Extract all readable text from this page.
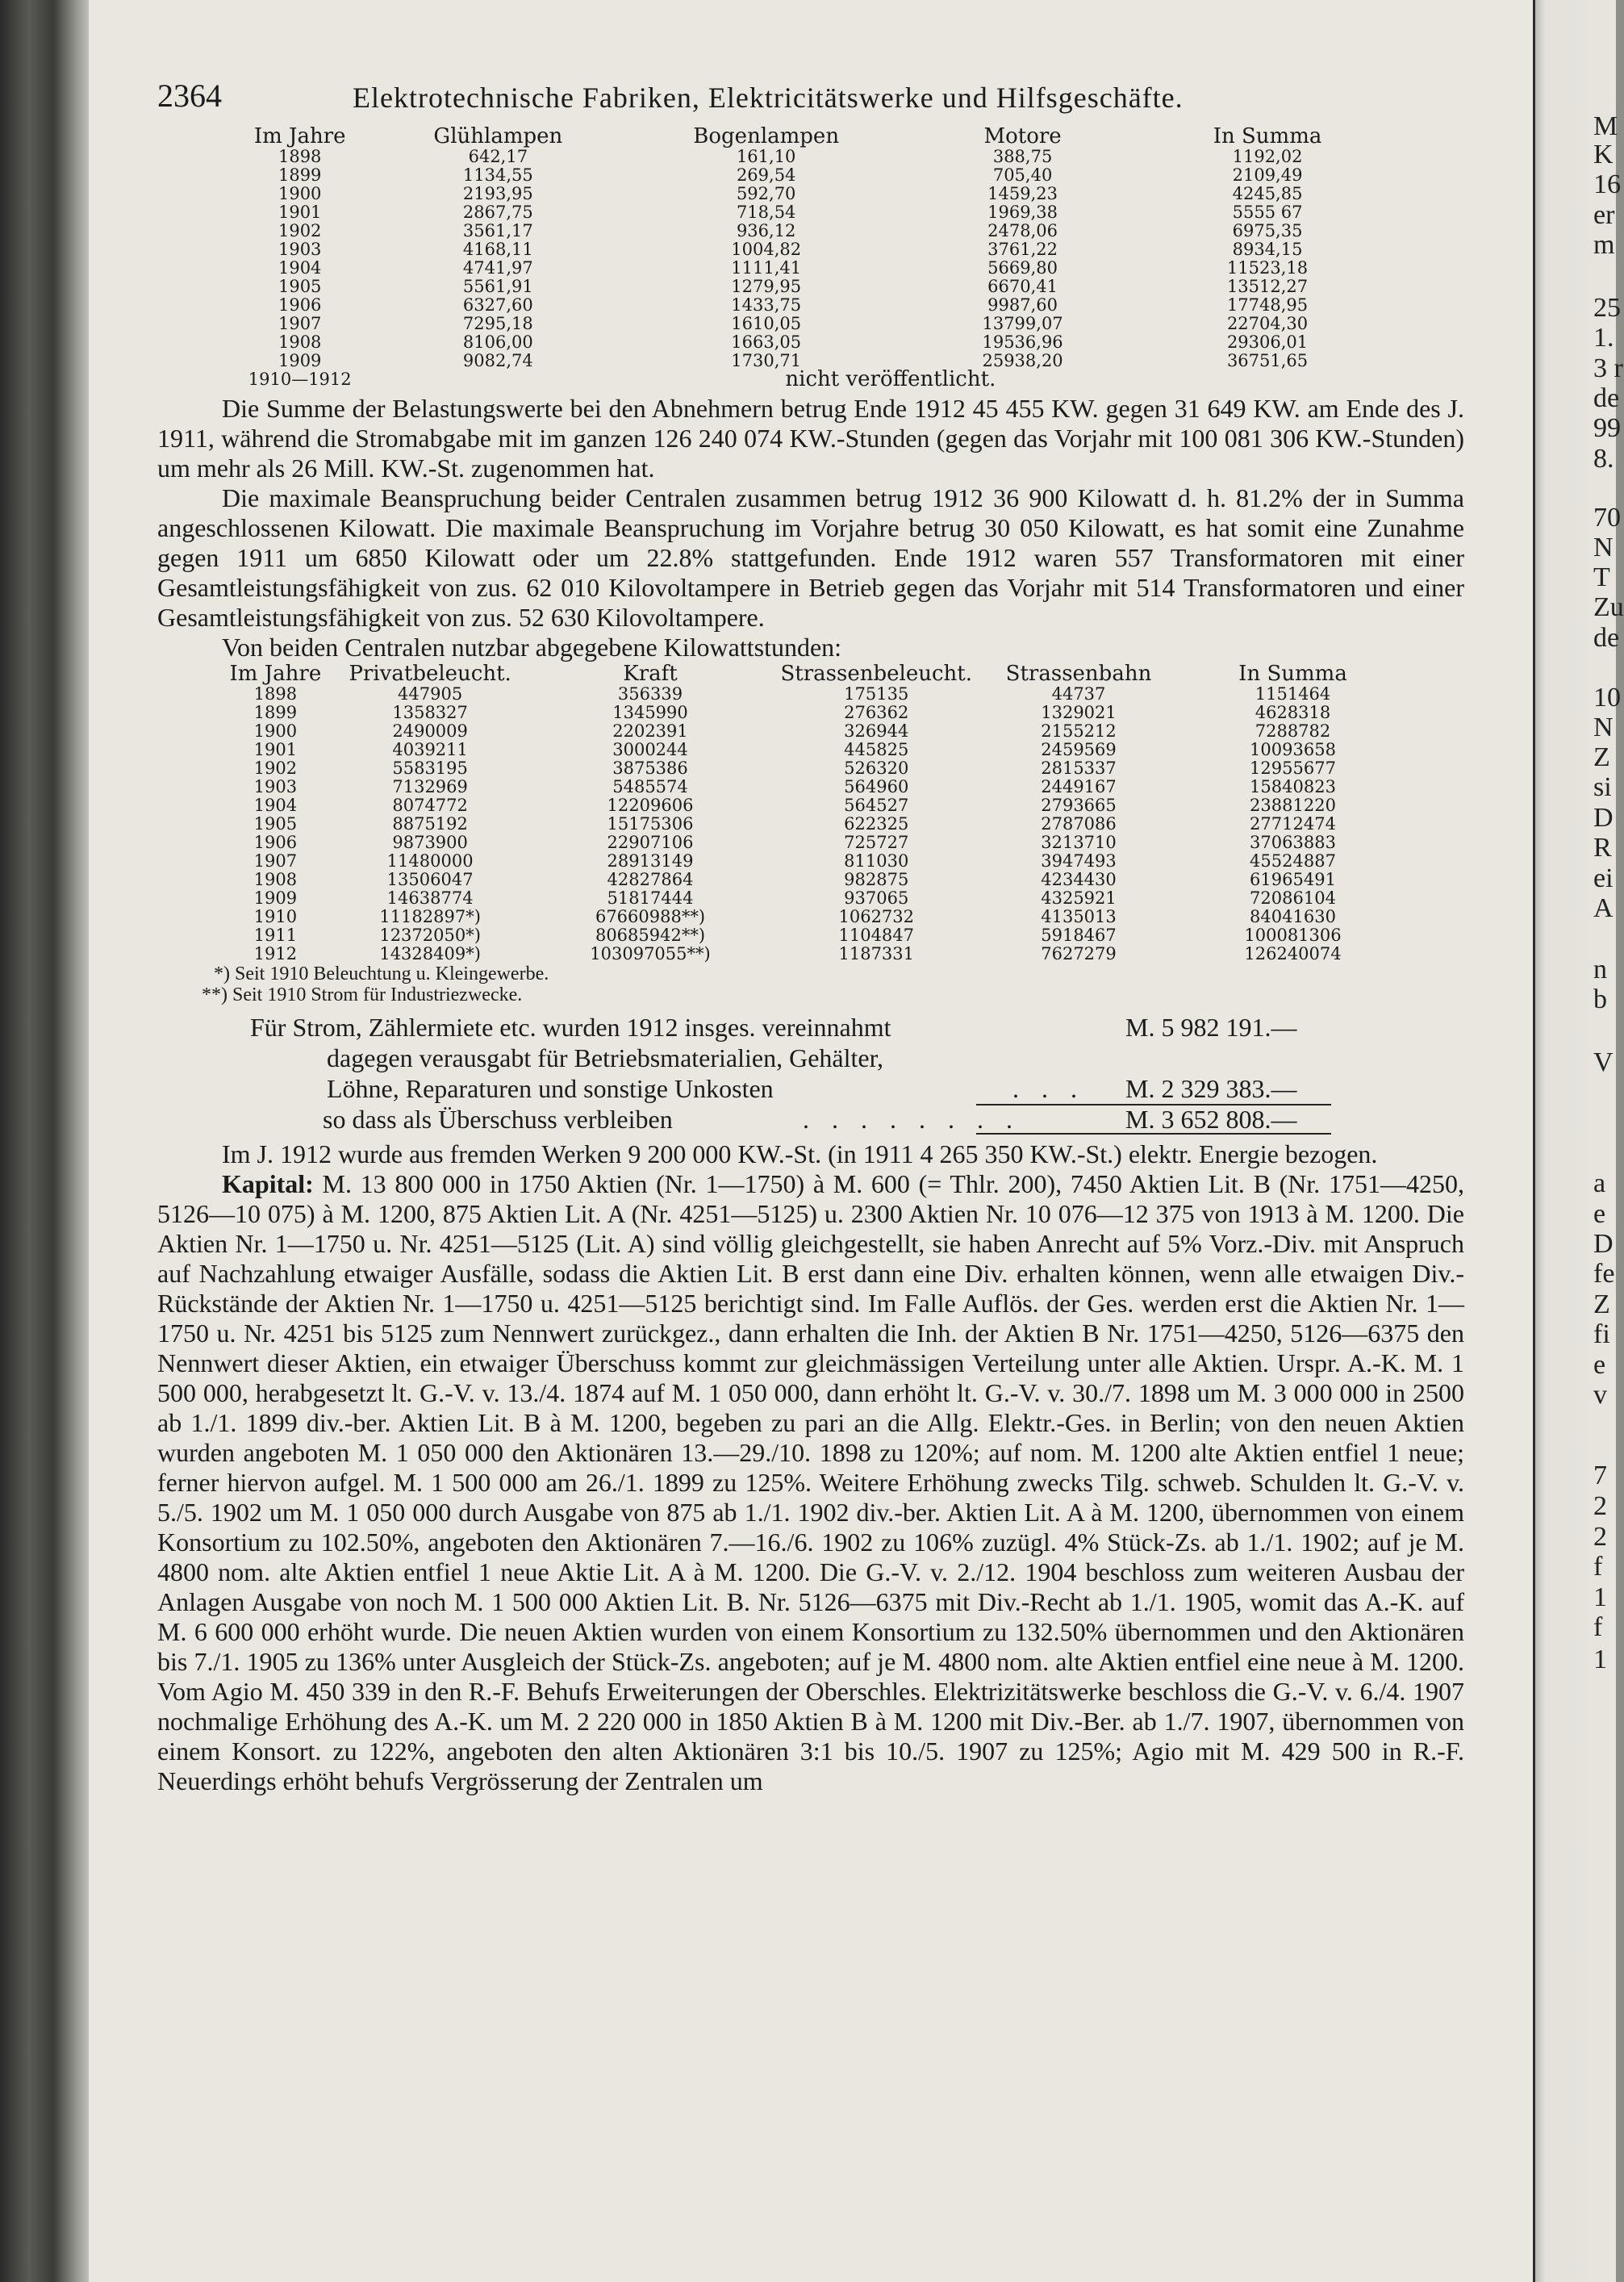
M
K
16
er
m
25
1.
3 r
de
99
8.
70
N
T
Zu
de
10
N
Z
si
D
R
ei
A
n
b
V
a
e
D
fe
Z
fi
e
v
7
2
2
f
1
f
1
2364	Elektrotechnische Fabriken, Elektricitätswerke und Hilfsgeschäfte.
Im Jahre	Glühlampen	Bogenlampen	Motore	In Summa
1898	642,17	161,10	388,75	1192,02
1899	1134,55	269,54	705,40	2109,49
1900	2193,95	592,70	1459,23	4245,85
1901	2867,75	718,54	1969,38	5555 67
1902	3561,17	936,12	2478,06	6975,35
1903	4168,11	1004,82	3761,22	8934,15
1904	4741,97	1111,41	5669,80	11523,18
1905	5561,91	1279,95	6670,41	13512,27
1906	6327,60	1433,75	9987,60	17748,95
1907	7295,18	1610,05	13799,07	22704,30
1908	8106,00	1663,05	19536,96	29306,01
1909	9082,74	1730,71	25938,20	36751,65
1910—1912	nicht veröffentlicht.			

Die Summe der Belastungswerte bei den Abnehmern betrug Ende 1912 45 455 KW. gegen 31 649 KW. am Ende des J. 1911, während die Stromabgabe mit im ganzen 126 240 074 KW.-Stunden (gegen das Vorjahr mit 100 081 306 KW.-Stunden) um mehr als 26 Mill. KW.-St. zugenommen hat.

Die maximale Beanspruchung beider Centralen zusammen betrug 1912 36 900 Kilowatt d. h. 81.2% der in Summa angeschlossenen Kilowatt. Die maximale Beanspruchung im Vorjahre betrug 30 050 Kilowatt, es hat somit eine Zunahme gegen 1911 um 6850 Kilowatt oder um 22.8% stattgefunden. Ende 1912 waren 557 Transformatoren mit einer Gesamtleistungsfähigkeit von zus. 62 010 Kilovoltampere in Betrieb gegen das Vorjahr mit 514 Transformatoren und einer Gesamtleistungsfähigkeit von zus. 52 630 Kilovoltampere.

Von beiden Centralen nutzbar abgegebene Kilowattstunden:

Im Jahre	Privatbeleucht.	Kraft	Strassenbeleucht.	Strassenbahn	In Summa
1898	447905	356339	175135	44737	1151464
1899	1358327	1345990	276362	1329021	4628318
1900	2490009	2202391	326944	2155212	7288782
1901	4039211	3000244	445825	2459569	10093658
1902	5583195	3875386	526320	2815337	12955677
1903	7132969	5485574	564960	2449167	15840823
1904	8074772	12209606	564527	2793665	23881220
1905	8875192	15175306	622325	2787086	27712474
1906	9873900	22907106	725727	3213710	37063883
1907	11480000	28913149	811030	3947493	45524887
1908	13506047	42827864	982875	4234430	61965491
1909	14638774	51817444	937065	4325921	72086104
1910	11182897*)	67660988**)	1062732	4135013	84041630
1911	12372050*)	80685942**)	1104847	5918467	100081306
1912	14328409*)	103097055**)	1187331	7627279	126240074
*) Seit 1910 Beleuchtung u. Kleingewerbe.
**) Seit 1910 Strom für Industriezwecke.
Für Strom, Zählermiete etc. wurden 1912 insges. vereinnahmt	M. 5 982 191.—
dagegen verausgabt für Betriebsmaterialien, Gehälter,
Löhne, Reparaturen und sonstige Unkosten	. . . M. 2 329 383.—
so dass als Überschuss verbleiben	. . . . . . . .	M. 3 652 808.—

Im J. 1912 wurde aus fremden Werken 9 200 000 KW.-St. (in 1911 4 265 350 KW.-St.) elektr. Energie bezogen.

Kapital: M. 13 800 000 in 1750 Aktien (Nr. 1—1750) à M. 600 (= Thlr. 200), 7450 Aktien Lit. B (Nr. 1751—4250, 5126—10 075) à M. 1200, 875 Aktien Lit. A (Nr. 4251—5125) u. 2300 Aktien Nr. 10 076—12 375 von 1913 à M. 1200. Die Aktien Nr. 1—1750 u. Nr. 4251—5125 (Lit. A) sind völlig gleichgestellt, sie haben Anrecht auf 5% Vorz.-Div. mit Anspruch auf Nachzahlung etwaiger Ausfälle, sodass die Aktien Lit. B erst dann eine Div. erhalten können, wenn alle etwaigen Div.-Rückstände der Aktien Nr. 1—1750 u. 4251—5125 berichtigt sind. Im Falle Auflös. der Ges. werden erst die Aktien Nr. 1—1750 u. Nr. 4251 bis 5125 zum Nennwert zurückgez., dann erhalten die Inh. der Aktien B Nr. 1751—4250, 5126—6375 den Nennwert dieser Aktien, ein etwaiger Überschuss kommt zur gleichmässigen Verteilung unter alle Aktien. Urspr. A.-K. M. 1 500 000, herabgesetzt lt. G.-V. v. 13./4. 1874 auf M. 1 050 000, dann erhöht lt. G.-V. v. 30./7. 1898 um M. 3 000 000 in 2500 ab 1./1. 1899 div.-ber. Aktien Lit. B à M. 1200, begeben zu pari an die Allg. Elektr.-Ges. in Berlin; von den neuen Aktien wurden angeboten M. 1 050 000 den Aktionären 13.—29./10. 1898 zu 120%; auf nom. M. 1200 alte Aktien entfiel 1 neue; ferner hiervon aufgel. M. 1 500 000 am 26./1. 1899 zu 125%. Weitere Erhöhung zwecks Tilg. schweb. Schulden lt. G.-V. v. 5./5. 1902 um M. 1 050 000 durch Ausgabe von 875 ab 1./1. 1902 div.-ber. Aktien Lit. A à M. 1200, übernommen von einem Konsortium zu 102.50%, angeboten den Aktionären 7.—16./6. 1902 zu 106% zuzügl. 4% Stück-Zs. ab 1./1. 1902; auf je M. 4800 nom. alte Aktien entfiel 1 neue Aktie Lit. A à M. 1200. Die G.-V. v. 2./12. 1904 beschloss zum weiteren Ausbau der Anlagen Ausgabe von noch M. 1 500 000 Aktien Lit. B. Nr. 5126—6375 mit Div.-Recht ab 1./1. 1905, womit das A.-K. auf M. 6 600 000 erhöht wurde. Die neuen Aktien wurden von einem Konsortium zu 132.50% übernommen und den Aktionären bis 7./1. 1905 zu 136% unter Ausgleich der Stück-Zs. angeboten; auf je M. 4800 nom. alte Aktien entfiel eine neue à M. 1200. Vom Agio M. 450 339 in den R.-F. Behufs Erweiterungen der Oberschles. Elektrizitätswerke beschloss die G.-V. v. 6./4. 1907 nochmalige Erhöhung des A.-K. um M. 2 220 000 in 1850 Aktien B à M. 1200 mit Div.-Ber. ab 1./7. 1907, übernommen von einem Konsort. zu 122%, angeboten den alten Aktionären 3:1 bis 10./5. 1907 zu 125%; Agio mit M. 429 500 in R.-F. Neuerdings erhöht behufs Vergrösserung der Zentralen um
